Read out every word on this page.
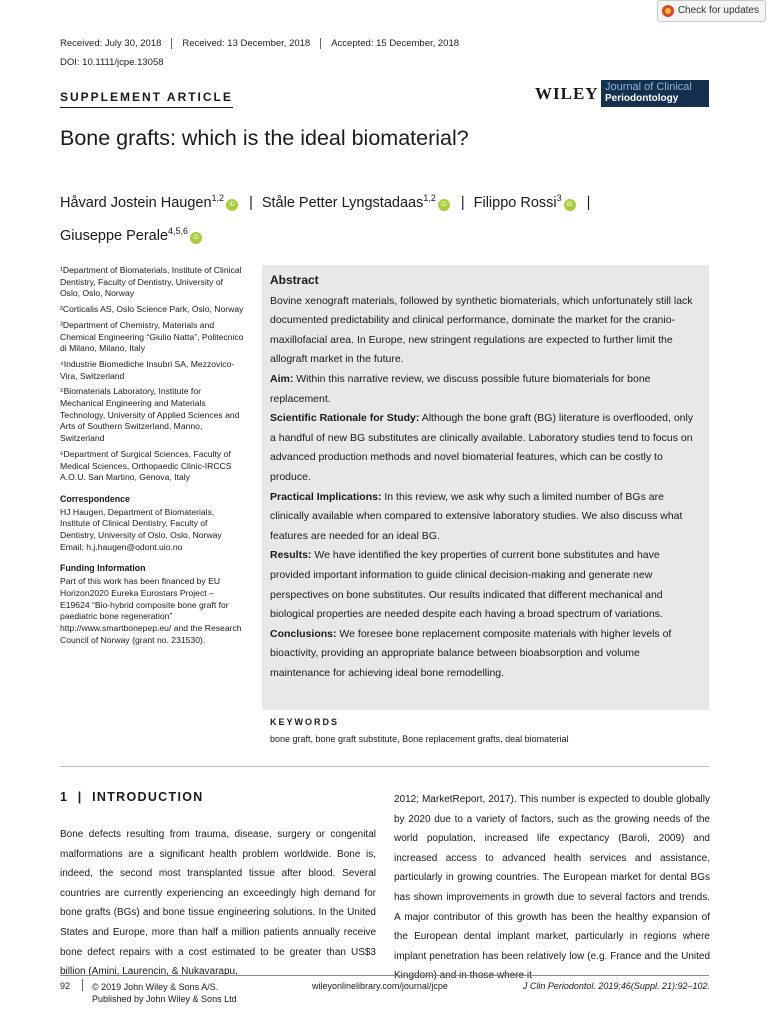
Check for updates
Received: July 30, 2018	Received: 13 December, 2018	Accepted: 15 December, 2018
DOI: 10.1111/jcpe.13058
SUPPLEMENT ARTICLE	WILEY Journal of Clinical
Periodontology
Bone grafts: which is the ideal biomaterial?
Håvard Jostein Haugen$^{1,2}$iD | Ståle Petter Lyngstadaas$^{1,2}$iD | Filippo Rossi$^3$iD |
Giuseppe Perale$^{4,5,6}$iD

¹Department of Biomaterials, Institute of Clinical Dentistry, Faculty of Dentistry, University of Oslo, Oslo, Norway

²Corticalis AS, Oslo Science Park, Oslo, Norway

³Department of Chemistry, Materials and Chemical Engineering “Giulio Natta”, Politecnico di Milano, Milano, Italy

⁴Industrie Biomediche Insubri SA, Mezzovico-Vira, Switzerland

⁵Biomaterials Laboratory, Institute for Mechanical Engineering and Materials Technology, University of Applied Sciences and Arts of Southern Switzerland, Manno, Switzerland

⁶Department of Surgical Sciences, Faculty of Medical Sciences, Orthopaedic Clinic-IRCCS A.O.U. San Martino, Genova, Italy

Correspondence

HJ Haugen, Department of Biomaterials, Institute of Clinical Dentistry, Faculty of Dentistry, University of Oslo, Oslo, Norway

Email: h.j.haugen@odont.uio.no

Funding Information

Part of this work has been financed by EU Horizon2020 Eureka Eurostars Project – E19624 “Bio-hybrid composite bone graft for paediatric bone regeneration” http://www.smartbonepep.eu/ and the Research Council of Norway (grant no. 231530).

Abstract

Bovine xenograft materials, followed by synthetic biomaterials, which unfortunately still lack documented predictability and clinical performance, dominate the market for the cranio-maxillofacial area. In Europe, new stringent regulations are expected to further limit the allograft market in the future.

Aim: Within this narrative review, we discuss possible future biomaterials for bone replacement.

Scientific Rationale for Study: Although the bone graft (BG) literature is overflooded, only a handful of new BG substitutes are clinically available. Laboratory studies tend to focus on advanced production methods and novel biomaterial features, which can be costly to produce.

Practical Implications: In this review, we ask why such a limited number of BGs are clinically available when compared to extensive laboratory studies. We also discuss what features are needed for an ideal BG.

Results: We have identified the key properties of current bone substitutes and have provided important information to guide clinical decision-making and generate new perspectives on bone substitutes. Our results indicated that different mechanical and biological properties are needed despite each having a broad spectrum of variations.

Conclusions: We foresee bone replacement composite materials with higher levels of bioactivity, providing an appropriate balance between bioabsorption and volume maintenance for achieving ideal bone remodelling.

KEYWORDS
bone graft, bone graft substitute, Bone replacement grafts, deal biomaterial
1  |  INTRODUCTION
Bone defects resulting from trauma, disease, surgery or congenital malformations are a significant health problem worldwide. Bone is, indeed, the second most transplanted tissue after blood. Several countries are currently experiencing an exceedingly high demand for bone grafts (BGs) and bone tissue engineering solutions. In the United States and Europe, more than half a million patients annually receive bone defect repairs with a cost estimated to be greater than US$3 billion (Amini, Laurencin, & Nukavarapu,
2012; MarketReport, 2017). This number is expected to double globally by 2020 due to a variety of factors, such as the growing needs of the world population, increased life expectancy (Baroli, 2009) and increased access to advanced health services and assistance, particularly in growing countries. The European market for dental BGs has shown improvements in growth due to several factors and trends. A major contributor of this growth has been the healthy expansion of the European dental implant market, particularly in regions where implant penetration has been relatively low (e.g. France and the United Kingdom) and in those where it
92 © 2019 John Wiley & Sons A/S.
Published by John Wiley & Sons Ltd
wileyonlinelibrary.com/journal/jcpe	J Clin Periodontol. 2019;46(Suppl. 21):92–102.
